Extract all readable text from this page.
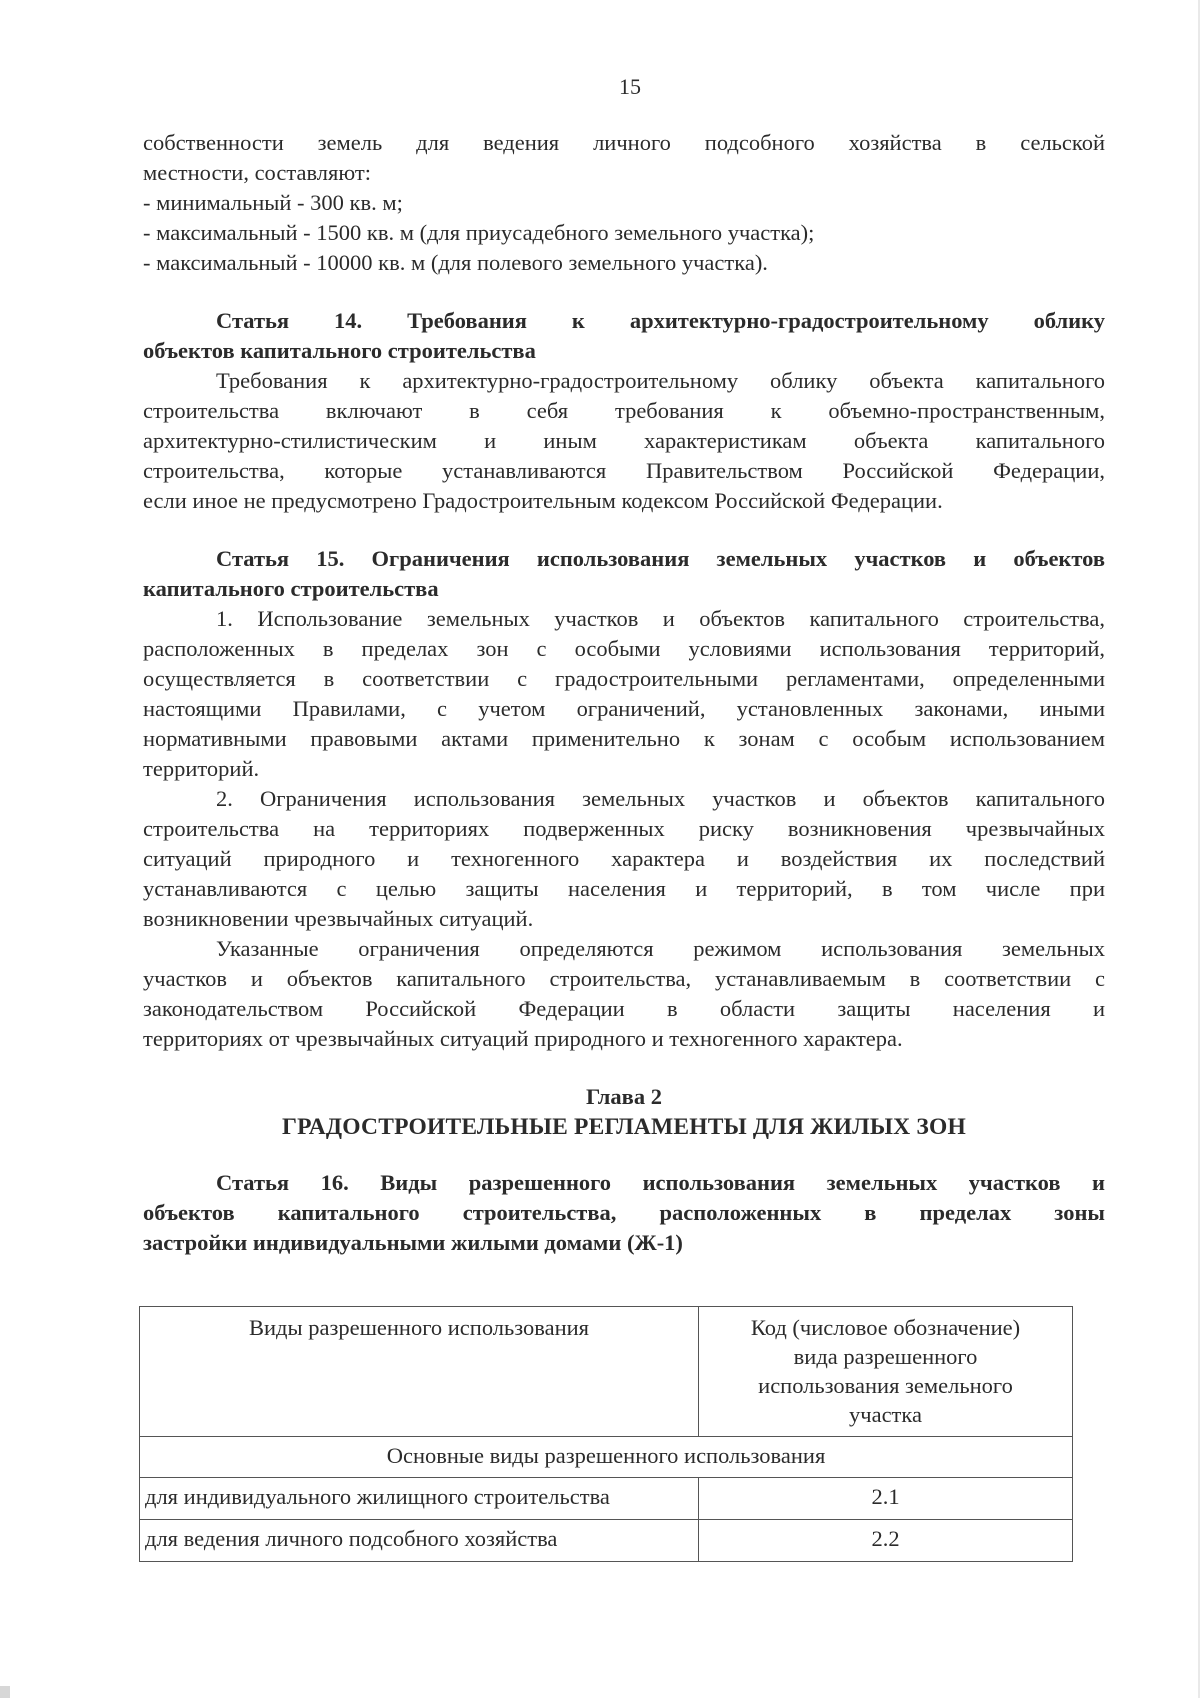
15

собственности земель для ведения личного подсобного хозяйства в сельской
местности, составляют:

- минимальный - 300 кв. м;

- максимальный - 1500 кв. м (для приусадебного земельного участка);

- максимальный - 10000 кв. м (для полевого земельного участка).

Статья 14. Требования к архитектурно-градостроительному облику
объектов капитального строительства

Требования к архитектурно-градостроительному облику объекта капитального
строительства включают в себя требования к объемно-пространственным,
архитектурно-стилистическим и иным характеристикам объекта капитального
строительства, которые устанавливаются Правительством Российской Федерации,
если иное не предусмотрено Градостроительным кодексом Российской Федерации.

Статья 15. Ограничения использования земельных участков и объектов
капитального строительства

1. Использование земельных участков и объектов капитального строительства,
расположенных в пределах зон с особыми условиями использования территорий,
осуществляется в соответствии с градостроительными регламентами, определенными
настоящими Правилами, с учетом ограничений, установленных законами, иными
нормативными правовыми актами применительно к зонам с особым использованием
территорий.

2. Ограничения использования земельных участков и объектов капитального
строительства на территориях подверженных риску возникновения чрезвычайных
ситуаций природного и техногенного характера и воздействия их последствий
устанавливаются с целью защиты населения и территорий, в том числе при
возникновении чрезвычайных ситуаций.

Указанные ограничения определяются режимом использования земельных
участков и объектов капитального строительства, устанавливаемым в соответствии с
законодательством Российской Федерации в области защиты населения и
территориях от чрезвычайных ситуаций природного и техногенного характера.

Глава 2
ГРАДОСТРОИТЕЛЬНЫЕ РЕГЛАМЕНТЫ ДЛЯ ЖИЛЫХ ЗОН

Статья 16. Виды разрешенного использования земельных участков и
объектов капитального строительства, расположенных в пределах зоны
застройки индивидуальными жилыми домами (Ж-1)

Виды разрешенного использования	Код (числовое обозначение)
вида разрешенного
использования земельного
участка

Основные виды разрешенного использования	
для индивидуального жилищного строительства	2.1
для ведения личного подсобного хозяйства	2.2
